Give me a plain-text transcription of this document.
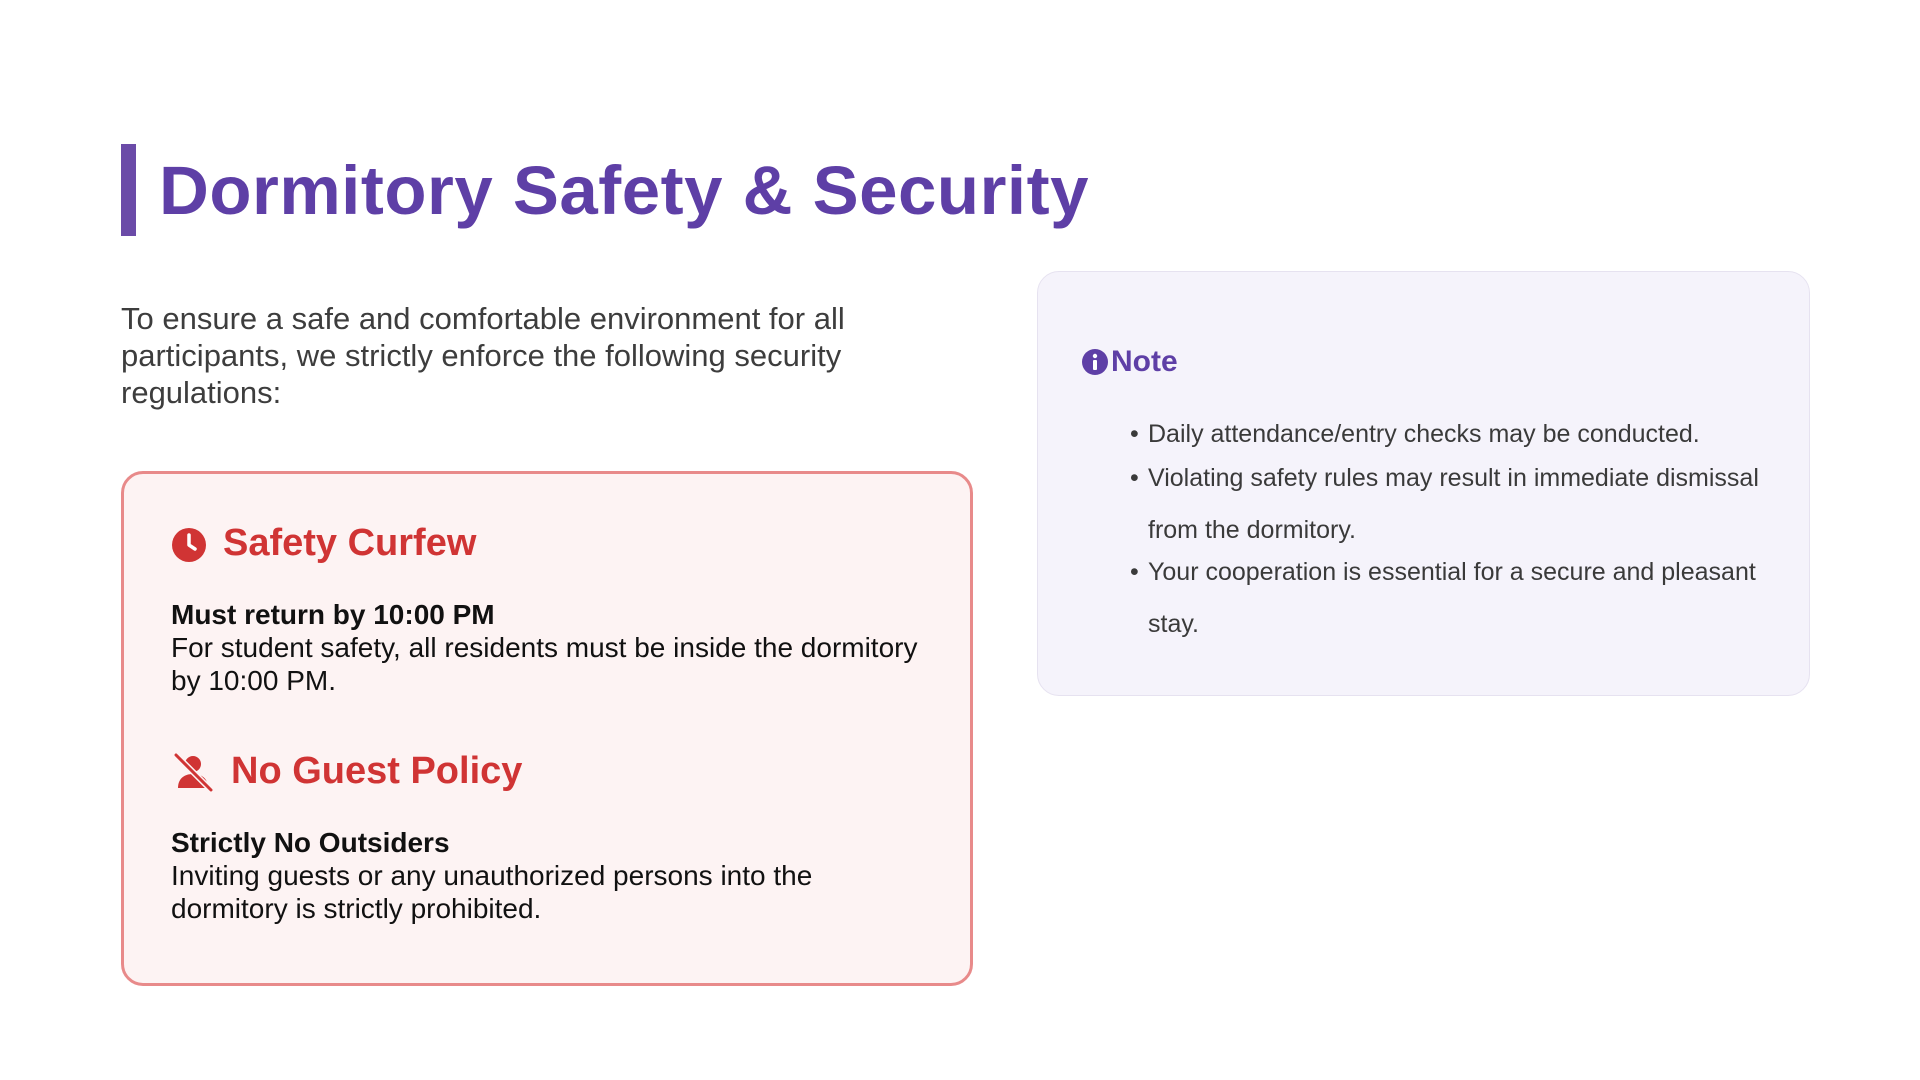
Dormitory Safety & Security
To ensure a safe and comfortable environment for all participants, we strictly enforce the following security regulations:
Safety Curfew
Must return by 10:00 PM
For student safety, all residents must be inside the dormitory by 10:00 PM.
No Guest Policy
Strictly No Outsiders
Inviting guests or any unauthorized persons into the dormitory is strictly prohibited.
Note
• Daily attendance/entry checks may be conducted.
• Violating safety rules may result in immediate dismissal from the dormitory.
• Your cooperation is essential for a secure and pleasant stay.
